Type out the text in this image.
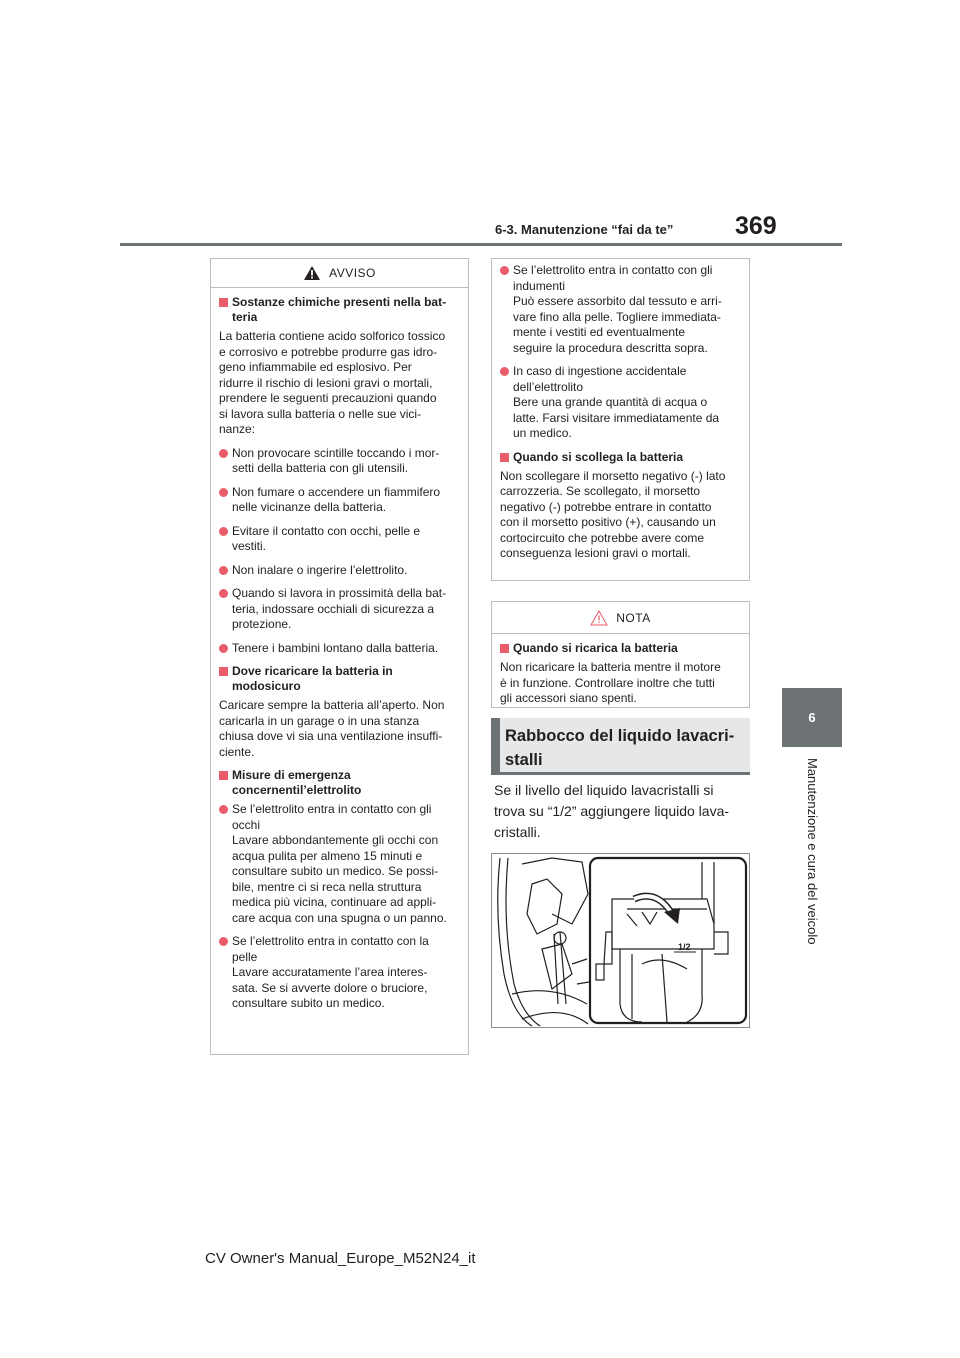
6-3. Manutenzione “fai da te” 369
6
Manutenzione e cura del veicolo
AVVISO
Sostanze chimiche presenti nella bat-teria
La batteria contiene acido solforico tossico
e corrosivo e potrebbe produrre gas idro-
geno infiammabile ed esplosivo. Per
ridurre il rischio di lesioni gravi o mortali,
prendere le seguenti precauzioni quando
si lavora sulla batteria o nelle sue vici-
nanze:
Non provocare scintille toccando i mor-
setti della batteria con gli utensili.
Non fumare o accendere un fiammifero
nelle vicinanze della batteria.
Evitare il contatto con occhi, pelle e
vestiti.
Non inalare o ingerire l’elettrolito.
Quando si lavora in prossimità della bat-
teria, indossare occhiali di sicurezza a
protezione.
Tenere i bambini lontano dalla batteria.
Dove ricaricare la batteria in modosicuro
Caricare sempre la batteria all’aperto. Non
caricarla in un garage o in una stanza
chiusa dove vi sia una ventilazione insuffi-
ciente.
Misure di emergenza concernentil’elettrolito
Se l’elettrolito entra in contatto con gli
occhi
Lavare abbondantemente gli occhi con
acqua pulita per almeno 15 minuti e
consultare subito un medico. Se possi-
bile, mentre ci si reca nella struttura
medica più vicina, continuare ad appli-
care acqua con una spugna o un panno.
Se l’elettrolito entra in contatto con la
pelle
Lavare accuratamente l’area interes-
sata. Se si avverte dolore o bruciore,
consultare subito un medico.
Se l’elettrolito entra in contatto con gli
indumenti
Può essere assorbito dal tessuto e arri-
vare fino alla pelle. Togliere immediata-
mente i vestiti ed eventualmente
seguire la procedura descritta sopra.
In caso di ingestione accidentale
dell’elettrolito
Bere una grande quantità di acqua o
latte. Farsi visitare immediatamente da
un medico.
Quando si scollega la batteria
Non scollegare il morsetto negativo (-) lato
carrozzeria. Se scollegato, il morsetto
negativo (-) potrebbe entrare in contatto
con il morsetto positivo (+), causando un
cortocircuito che potrebbe avere come
conseguenza lesioni gravi o mortali.
NOTA
Quando si ricarica la batteria
Non ricaricare la batteria mentre il motore
è in funzione. Controllare inoltre che tutti
gli accessori siano spenti.
Rabbocco del liquido lavacri-
stalli
Se il livello del liquido lavacristalli si
trova su “1/2” aggiungere liquido lava-
cristalli.
1/2
CV Owner's Manual_Europe_M52N24_it
